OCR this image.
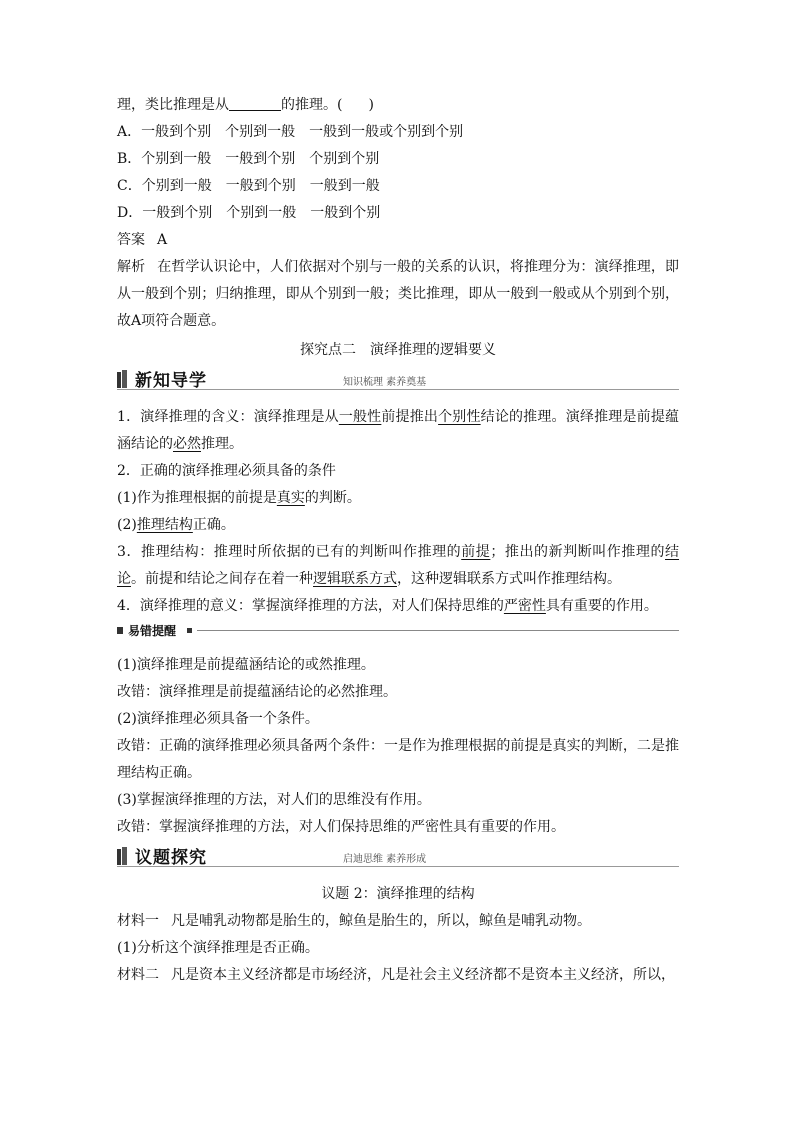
理，类比推理是从	的推理。( )
A．一般到个别　个别到一般　一般到一般或个别到个别
B．个别到一般　一般到个别　个别到个别
C．个别到一般　一般到个别　一般到一般
D．一般到个别　个别到一般　一般到个别
答案 A
解析 在哲学认识论中，人们依据对个别与一般的关系的认识，将推理分为：演绎推理，即从一般到个别；归纳推理，即从个别到一般；类比推理，即从一般到一般或从个别到个别，故A项符合题意。
探究点二　演绎推理的逻辑要义
新知导学	知识梳理 素养奠基
1．演绎推理的含义：演绎推理是从一般性前提推出个别性结论的推理。演绎推理是前提蕴涵结论的必然推理。
2．正确的演绎推理必须具备的条件
(1)作为推理根据的前提是真实的判断。
(2)推理结构正确。
3．推理结构：推理时所依据的已有的判断叫作推理的前提；推出的新判断叫作推理的结论。前提和结论之间存在着一种逻辑联系方式，这种逻辑联系方式叫作推理结构。
4．演绎推理的意义：掌握演绎推理的方法，对人们保持思维的严密性具有重要的作用。
易错提醒
(1)演绎推理是前提蕴涵结论的或然推理。
改错：演绎推理是前提蕴涵结论的必然推理。
(2)演绎推理必须具备一个条件。
改错：正确的演绎推理必须具备两个条件：一是作为推理根据的前提是真实的判断，二是推理结构正确。
(3)掌握演绎推理的方法，对人们的思维没有作用。
改错：掌握演绎推理的方法，对人们保持思维的严密性具有重要的作用。
议题探究	启迪思维 素养形成
议题 2：演绎推理的结构
材料一 凡是哺乳动物都是胎生的，鲸鱼是胎生的，所以，鲸鱼是哺乳动物。
(1)分析这个演绎推理是否正确。
材料二 凡是资本主义经济都是市场经济，凡是社会主义经济都不是资本主义经济，所以，
